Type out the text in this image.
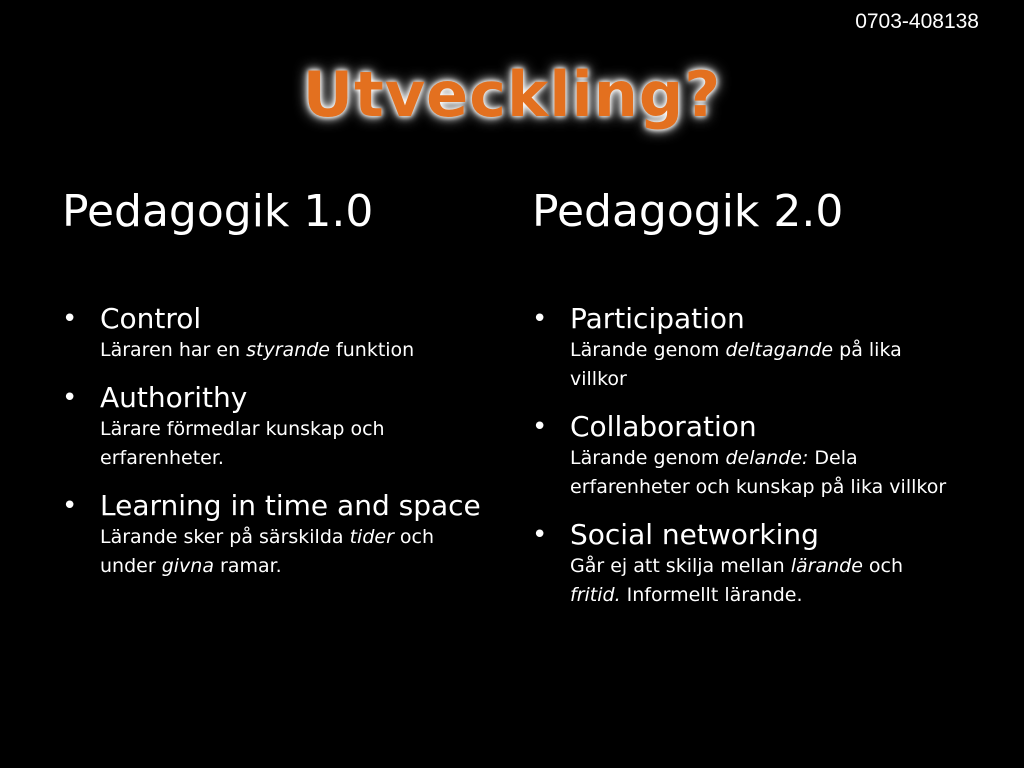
0703-408138
Utveckling?
Pedagogik 1.0
• Control
Läraren har en styrande funktion
• Authorithy
Lärare förmedlar kunskap och erfarenheter.
• Learning in time and space
Lärande sker på särskilda tider och under givna ramar.
Pedagogik 2.0
• Participation
Lärande genom deltagande på lika villkor
• Collaboration
Lärande genom delande: Dela erfarenheter och kunskap på lika villkor
• Social networking
Går ej att skilja mellan lärande och fritid. Informellt lärande.
